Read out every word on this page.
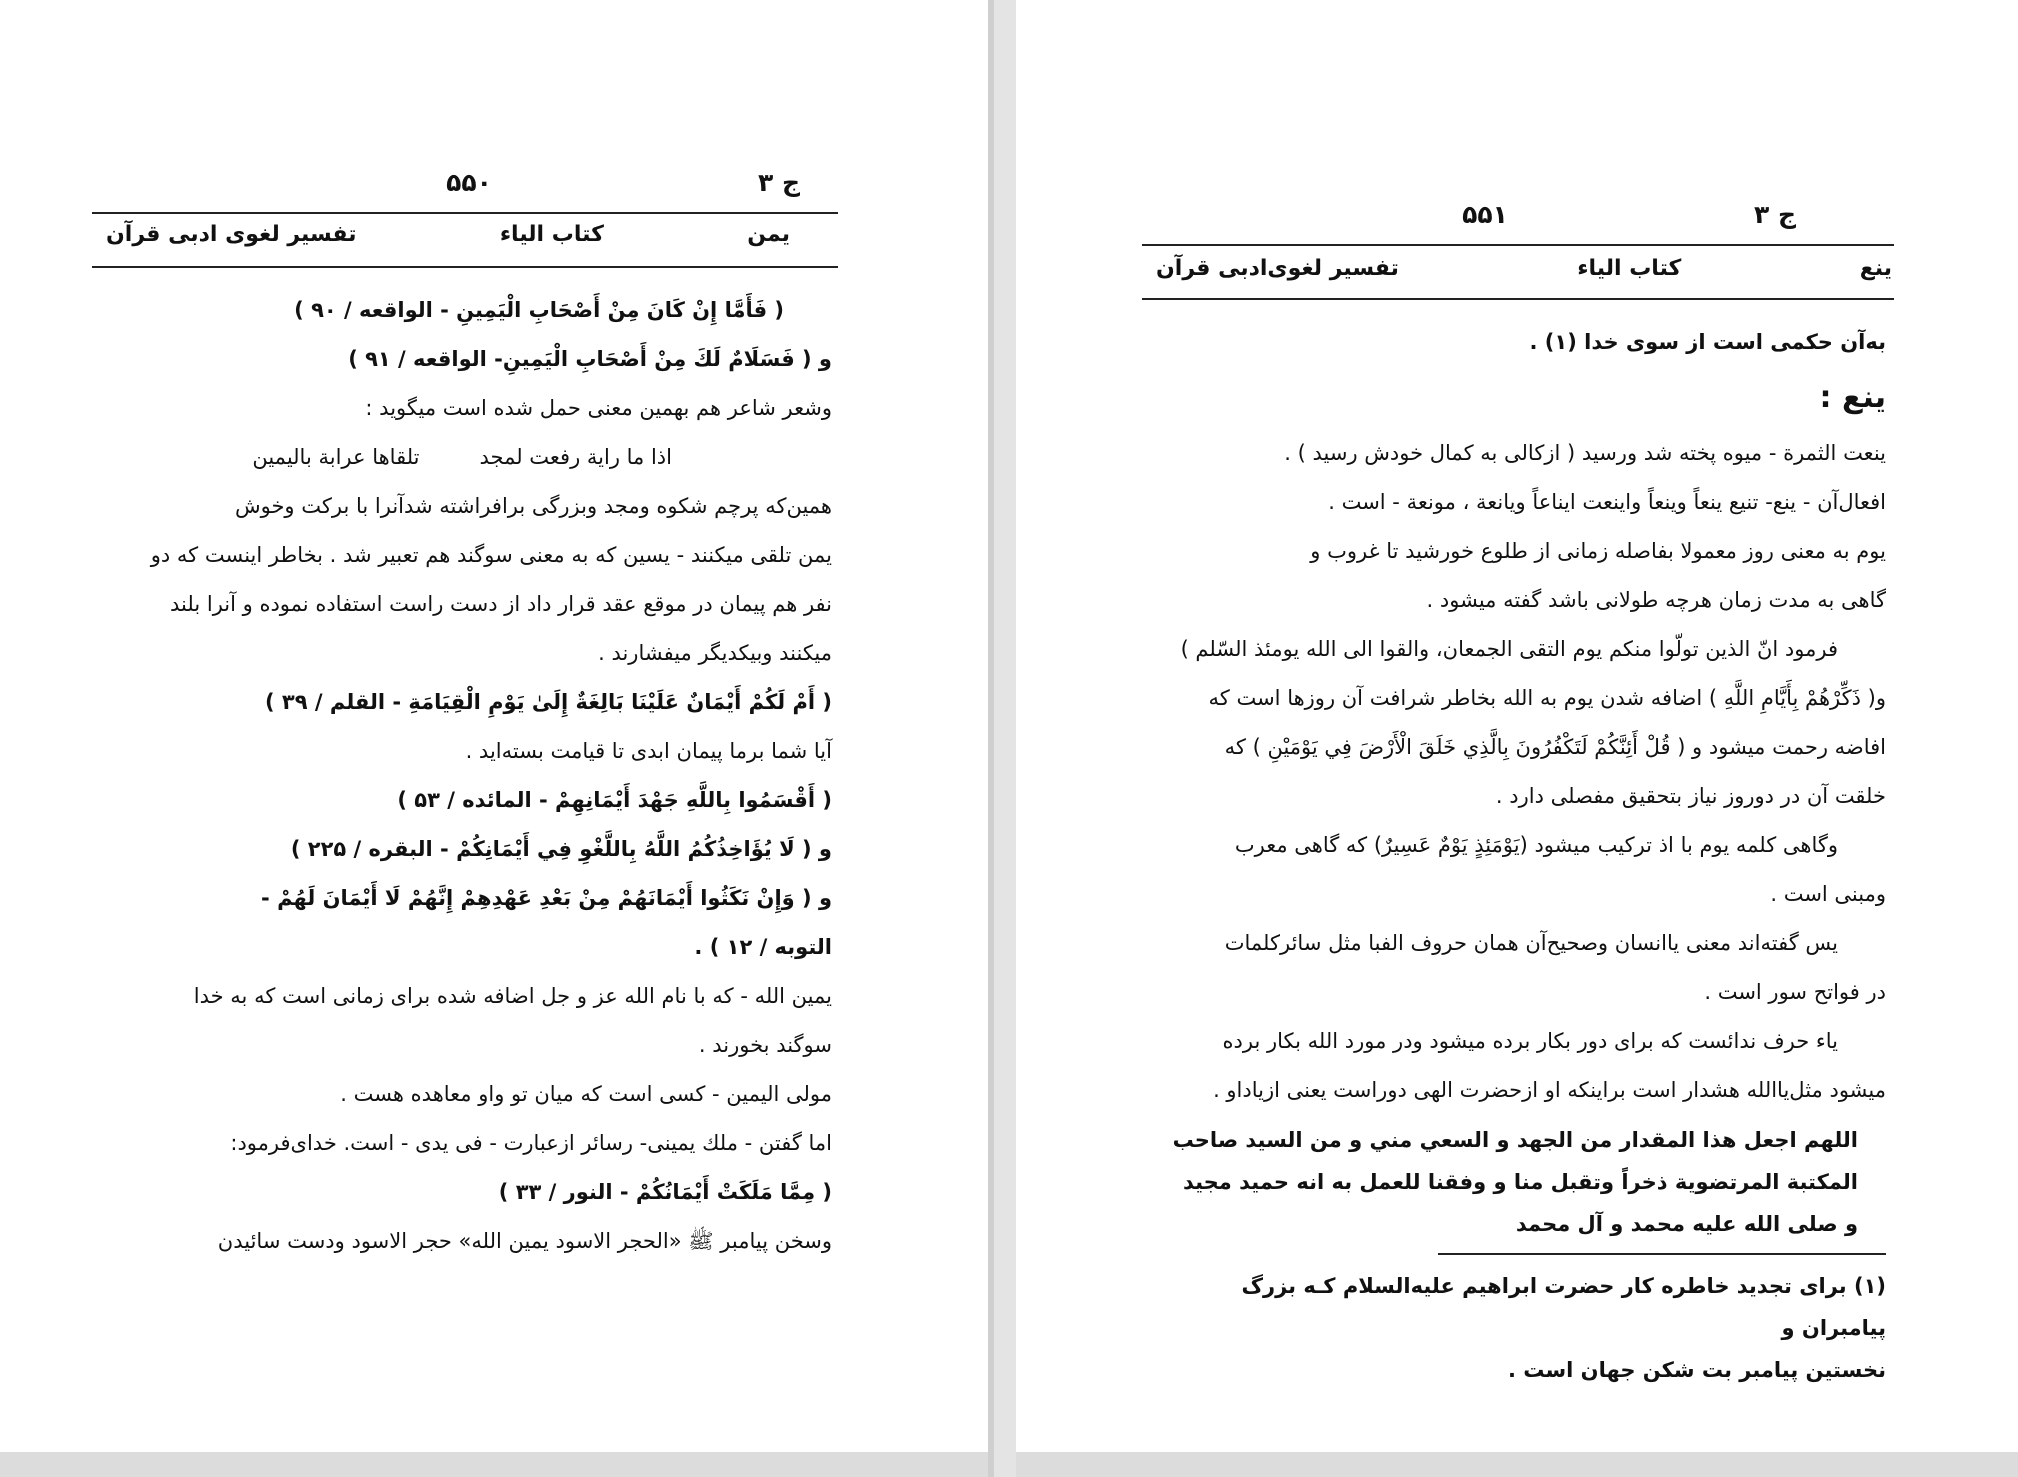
ج ۳
۵۵۰
یمن
کتاب الیاء
تفسیر لغوی ادبی قرآن

( فَأَمَّا إِنْ كَانَ مِنْ أَصْحَابِ الْيَمِينِ - الواقعه / ۹۰ )

و ( فَسَلَامٌ لَكَ مِنْ أَصْحَابِ الْيَمِينِ- الواقعه / ۹۱ )

وشعر شاعر هم بهمین معنی حمل شده است میگوید :

اذا ما راية رفعت لمجد
تلقاها عرابة باليمين

همین‌که پرچم شکوه ومجد وبزرگی برافراشته شدآنرا با برکت وخوش

یمن تلقی میکنند - یسین که به معنی سوگند هم تعبیر شد . بخاطر اینست که دو

نفر هم پیمان در موقع عقد قرار داد از دست راست استفاده نموده و آنرا بلند

میکنند وبیکدیگر میفشارند .

( أَمْ لَكُمْ أَيْمَانٌ عَلَيْنَا بَالِغَةٌ إِلَىٰ يَوْمِ الْقِيَامَةِ - القلم / ۳۹ )

آیا شما برما پیمان ابدی تا قیامت بسته‌اید .

( أَقْسَمُوا بِاللَّهِ جَهْدَ أَيْمَانِهِمْ - المائده / ۵۳ )

و ( لَا يُؤَاخِذُكُمُ اللَّهُ بِاللَّغْوِ فِي أَيْمَانِكُمْ - البقره / ۲۲۵ )

و ( وَإِنْ نَكَثُوا أَيْمَانَهُمْ مِنْ بَعْدِ عَهْدِهِمْ إِنَّهُمْ لَا أَيْمَانَ لَهُمْ -

التوبه / ۱۲ ) .

یمین الله - که با نام الله عز و جل اضافه شده برای زمانی است که به خدا

سوگند بخورند .

مولی الیمین - کسی است که میان تو واو معاهده هست .

اما گفتن - ملك یمینی- رسائر ازعبارت - فی یدی - است. خدای‌فرمود:

( مِمَّا مَلَكَتْ أَيْمَانُكُمْ - النور / ۳۳ )

وسخن پیامبر ﷺ «الحجر الاسود یمین الله» حجر الاسود ودست سائیدن

ج ۳
۵۵۱
ینع
کتاب الیاء
تفسیر لغوی‌ادبی قرآن

به‌آن حکمی است از سوی خدا (۱) .

ینع :

ینعت الثمرة - میوه پخته شد ورسید ( ازکالی به کمال خودش رسید ) .

افعال‌آن - ینع- تنیع ینعاً وینعاً واینعت ایناعاً ویانعة ، مونعة - است .

یوم به معنی روز معمولا بفاصله زمانی از طلوع خورشید تا غروب و

گاهی به مدت زمان هرچه طولانی باشد گفته میشود .

فرمود انّ الذین تولّوا منکم یوم التقی الجمعان، والقوا الی الله یومئذ السّلم )

و( ذَكِّرْهُمْ بِأَيَّامِ اللَّهِ ) اضافه شدن یوم به الله بخاطر شرافت آن روزها است که

افاضه رحمت میشود و ( قُلْ أَئِنَّكُمْ لَتَكْفُرُونَ بِالَّذِي خَلَقَ الْأَرْضَ فِي يَوْمَيْنِ ) که

خلقت آن در دوروز نیاز بتحقیق مفصلی دارد .

وگاهی کلمه یوم با اذ ترکیب میشود (يَوْمَئِذٍ يَوْمٌ عَسِيرٌ) که گاهی معرب

ومبنی است .

یس گفته‌اند معنی یاانسان وصحیح‌آن همان حروف الفبا مثل سائرکلمات

در فواتح سور است .

یاء حرف ندائست که برای دور بکار برده میشود ودر مورد الله بکار برده

میشود مثل‌یاالله هشدار است براینکه او ازحضرت الهی دوراست یعنی ازیاداو .

اللهم اجعل هذا المقدار من الجهد و السعي مني و من السيد صاحب

المكتبة المرتضوية ذخراً وتقبل منا و وفقنا للعمل به انه حميد مجيد

و صلى الله عليه محمد و آل محمد

(۱) برای تجدید خاطره کار حضرت ابراهیم علیه‌السلام کـه بزرگ پیامبران و

نخستین پیامبر بت شکن جهان است .
